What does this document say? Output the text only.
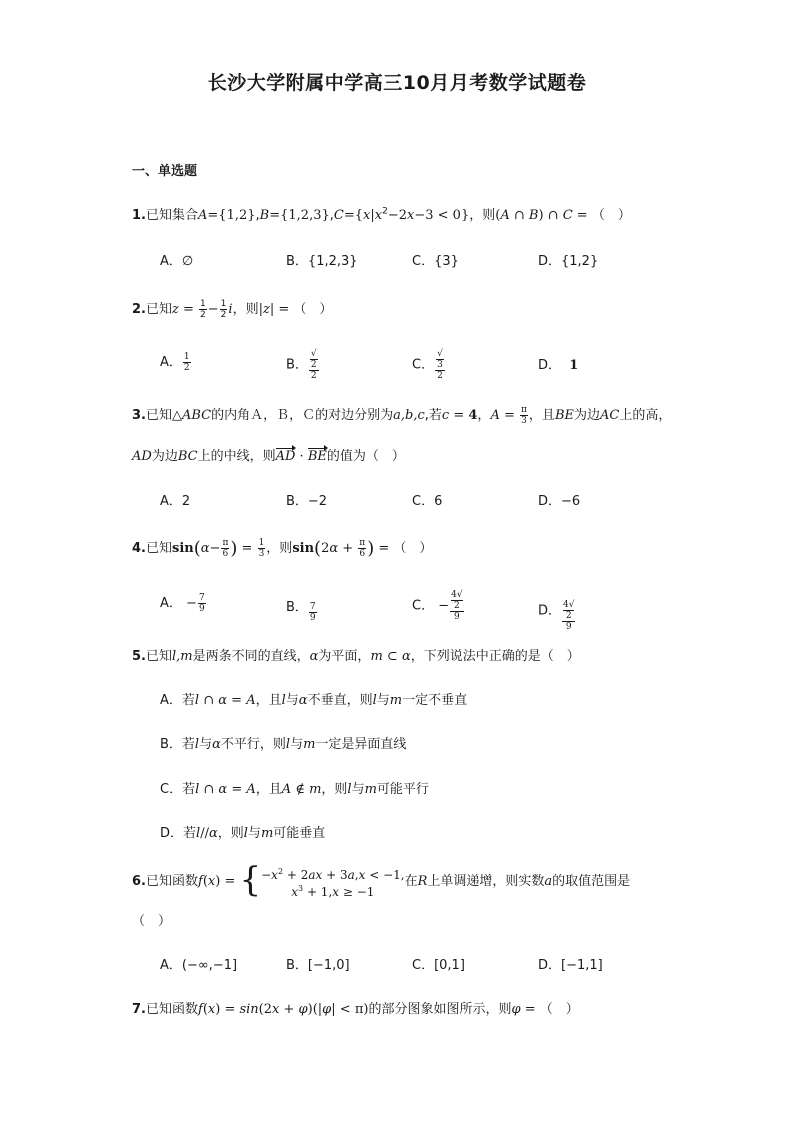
长沙大学附属中学高三10月月考数学试题卷
一、单选题
1.已知集合$A=\{1,2\},B=\{1,2,3\},C=\{x|x^2-2x-3 < 0\}$，则(A ∩ B) ∩ C = （　）
A．∅	B．{1,2,3}	C．{3}	D．{1,2}
2.已知$z = \frac{1}{2} - \frac{1}{2}$ i，则|z| = （　）
A． $\frac{1}{2}$	B． √
2
2	C． √
3
2	D． 1
3.已知△ABC的内角Ａ，Ｂ，Ｃ的对边分别为a,b,c,若c = 4，$A = \frac{\pi}{3}$ ，且BE为边AC上的高，
AD为边BC上的中线，则AD · BE的值为（　）
A．2	B．−2	C．6	D．−6
4.已知$\sin(\alpha- \frac{\pi}{6}$ ) = $\frac{1}{3}$ ，则$\sin(2\alpha + \frac{\pi}{6}$ ) = （　）
A． − $\frac{7}{9}$	B． $\frac{7}{9}$	C． − 4√
2
9	D． 4√
2
9
5.已知l,m是两条不同的直线，α为平面，m ⊂ α，下列说法中正确的是（　）
A．若l ∩ α = A，且l与α不垂直，则l与m一定不垂直
B．若l与α不平行，则l与m一定是异面直线
C．若l ∩ α = A，且A ∉ m，则l与m可能平行
D．若l//α，则l与m可能垂直
6.已知函数f(x) = { $-x^2 + 2ax + 3a,x < -1$,
$x^3 + 1,x \ge -1$
在R上单调递增，则实数a的取值范围是
（　）
A．(−∞,−1]	B．[−1,0]	C．[0,1]	D．[−1,1]
7.已知函数f(x) = sin(2x + φ)(|φ| < π)的部分图象如图所示，则φ = （　）
